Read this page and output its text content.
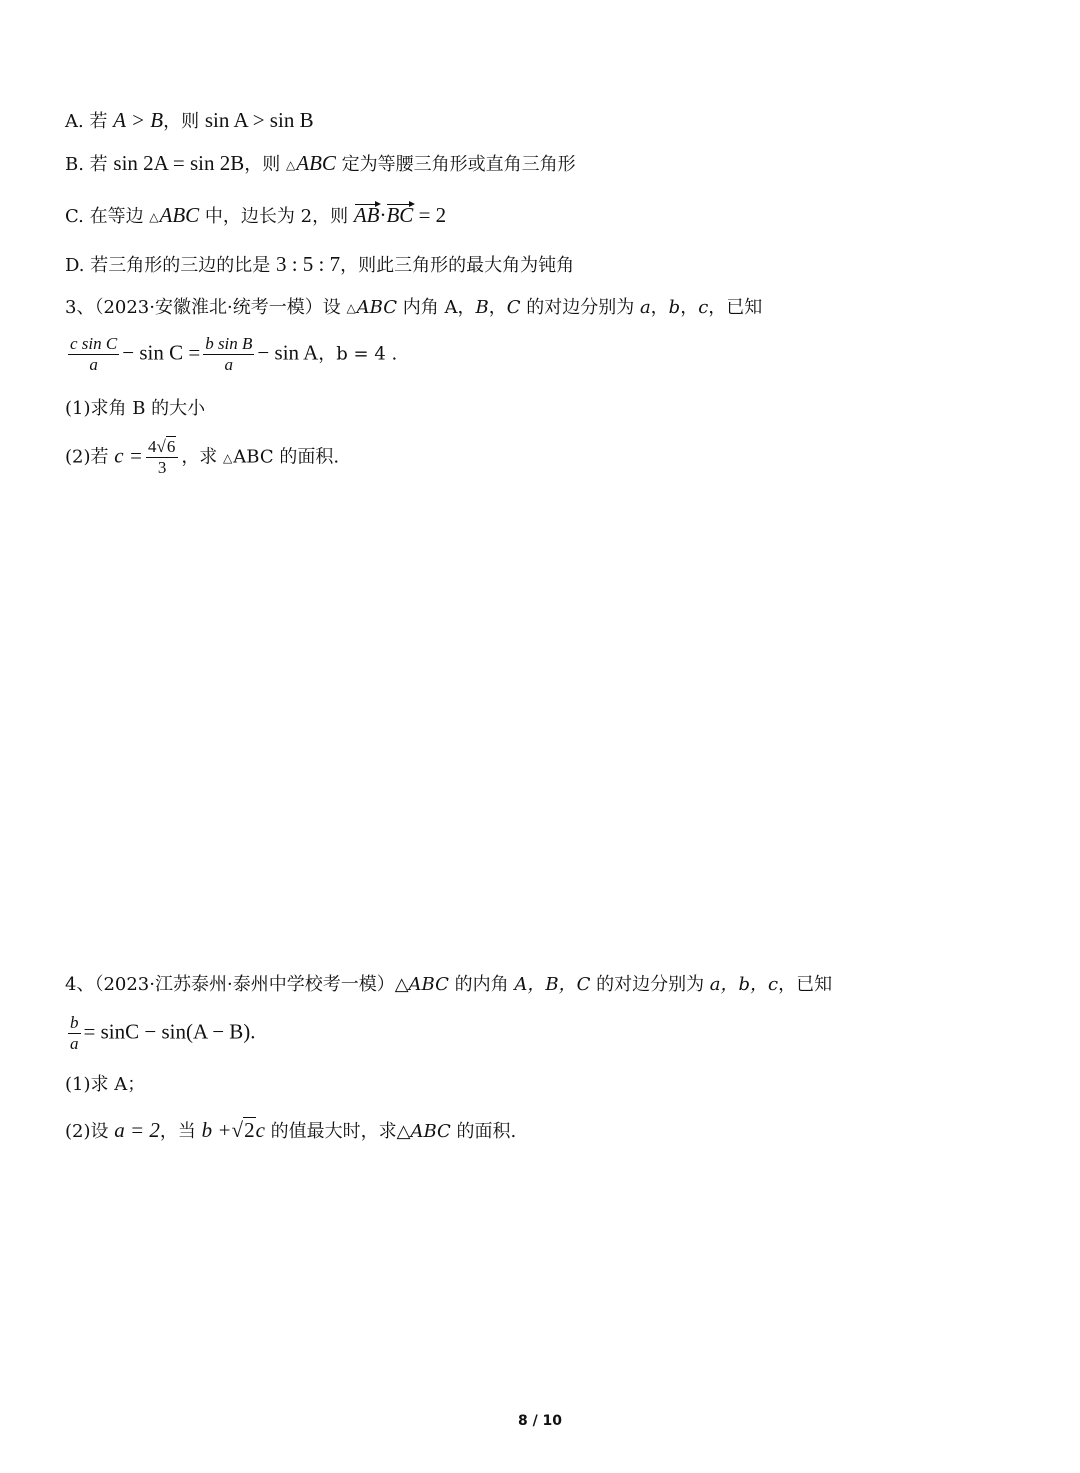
A. 若 A > B，则 sin A > sin B
B. 若 sin 2A = sin 2B，则 △ABC 定为等腰三角形或直角三角形
C. 在等边 △ABC 中，边长为 2，则 AB·BC = 2
D. 若三角形的三边的比是 3 : 5 : 7，则此三角形的最大角为钝角
3、（2023·安徽淮北·统考一模）设 △ABC 内角 A，B，C 的对边分别为 a，b，c，已知
$\frac{\text{c sin C}}{a} - \sin C = \frac{\text{b sin B}}{a} - \sin A$，b = 4 .
(1)求角 B 的大小
(2)若 $c = \frac{4√6}{3}$ ，求 △ABC 的面积.
4、（2023·江苏泰州·泰州中学校考一模）△ABC 的内角 A，B，C 的对边分别为 a，b，c，已知
$\frac{b}{a} = \sin C - \sin(A - B)$.
(1)求 A；
(2)设 a = 2，当 b +√2c 的值最大时，求△ABC 的面积.
8 / 10
